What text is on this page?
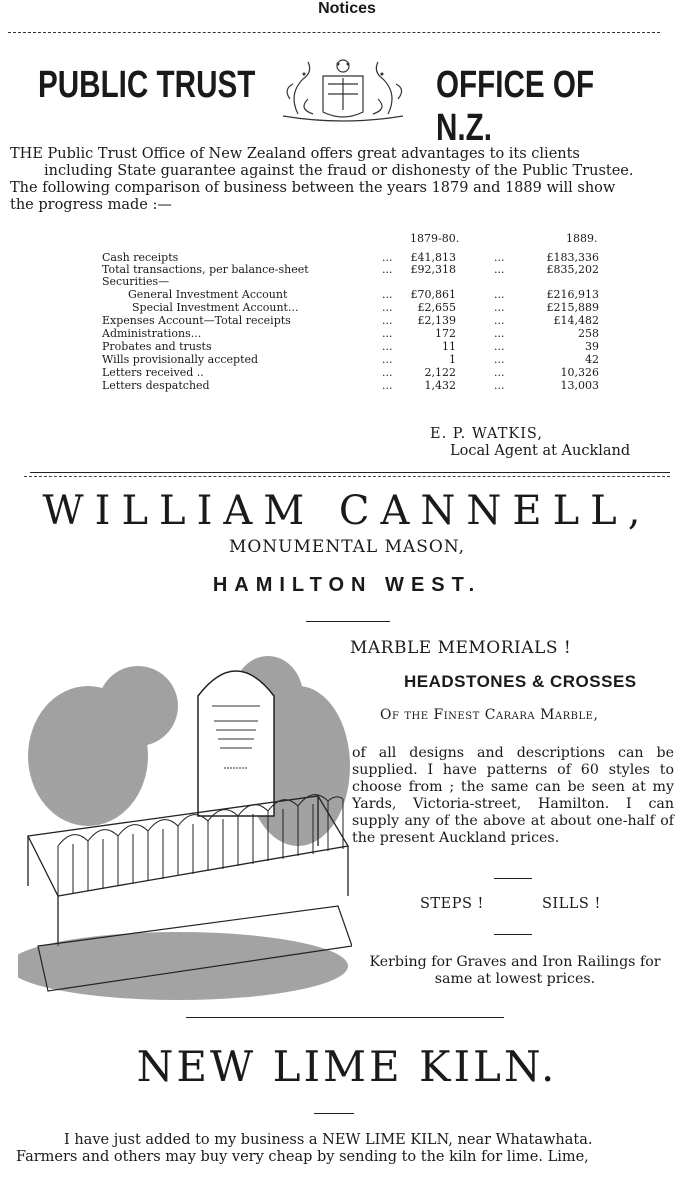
Notices
PUBLIC TRUST	OFFICE OF N.Z.
THE Public Trust Office of New Zealand offers great advantages to its clients
including State guarantee against the fraud or dishonesty of the Public Trustee.
The following comparison of business between the years 1879 and 1889 will show
the progress made :—
1879-80.	1889.
Cash receipts	... £41,813	...	£183,336
Total transactions, per balance-sheet	... £92,318	...	£835,202
Securities—
General Investment Account	... £70,861	...	£216,913
Special Investment Account...	... £2,655	...	£215,889
Expenses Account—Total receipts	... £2,139	...	£14,482
Administrations...	...	172	...	258
Probates and trusts	...	11	...	39
Wills provisionally accepted	...	1	...	42
Letters received ..	...	2,122	...	10,326
Letters despatched	...	1,432	...	13,003
E. P. WATKIS,
Local Agent at Auckland
WILLIAM CANNELL,
MONUMENTAL MASON,
HAMILTON WEST.
MARBLE MEMORIALS !
HEADSTONES & CROSSES
Of the Finest Carara Marble,
of all designs and descriptions can be supplied. I have patterns of 60 styles to choose from ; the same can be seen at my Yards, Victoria-street, Hamilton. I can supply any of the above at about one-half of the present Auckland prices.
STEPS !	SILLS !
Kerbing for Graves and Iron Railings for same at lowest prices.
NEW LIME KILN.
I have just added to my business a NEW LIME KILN, near Whatawhata.
Farmers and others may buy very cheap by sending to the kiln for lime. Lime,
